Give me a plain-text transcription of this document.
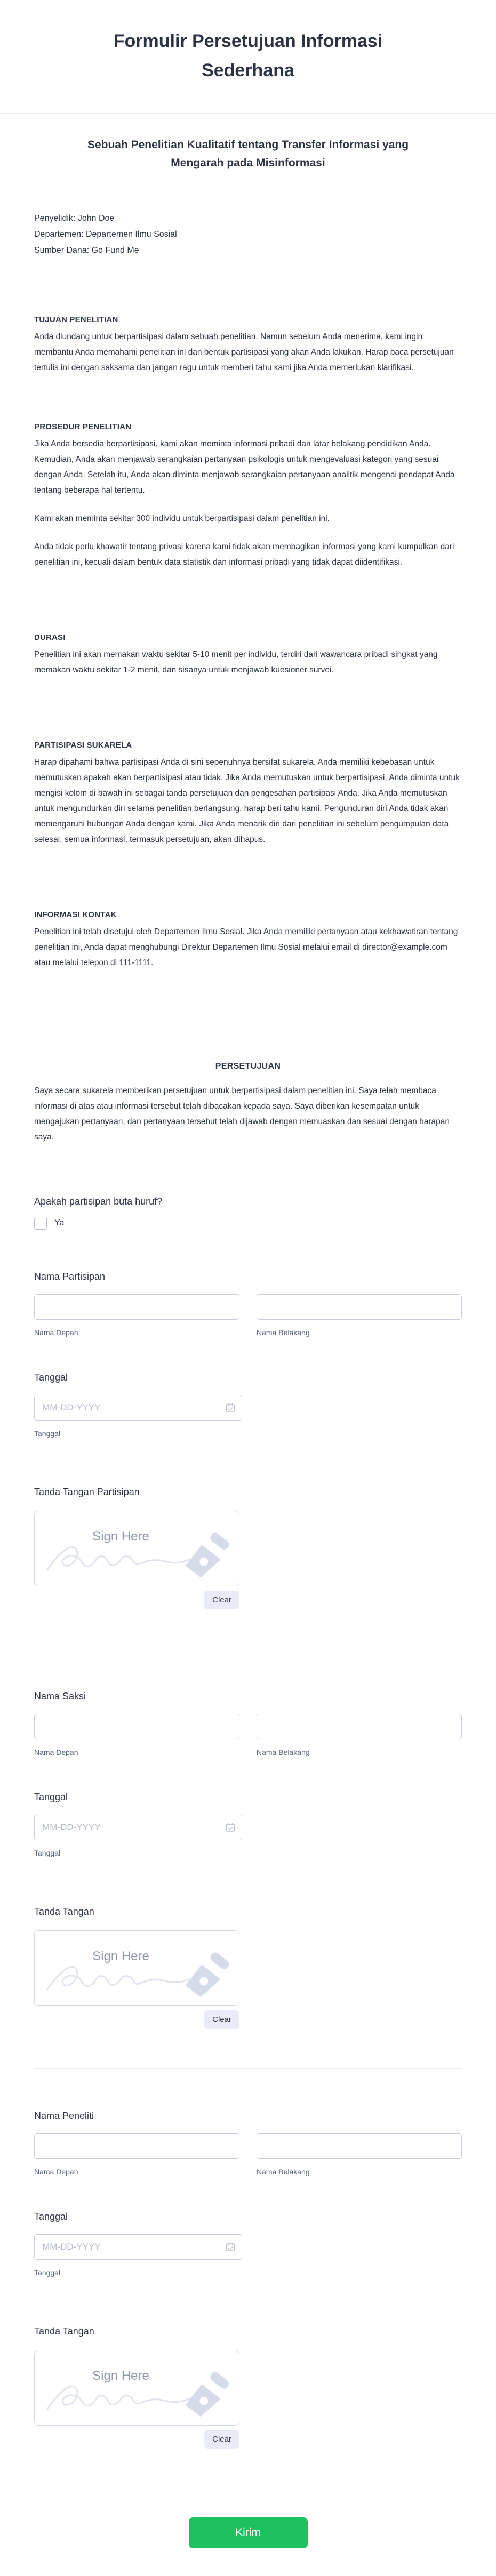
Formulir Persetujuan Informasi Sederhana
Sebuah Penelitian Kualitatif tentang Transfer Informasi yang Mengarah pada Misinformasi
Penyelidik: John Doe
Departemen: Departemen Ilmu Sosial
Sumber Dana: Go Fund Me
TUJUAN PENELITIAN

Anda diundang untuk berpartisipasi dalam sebuah penelitian. Namun sebelum Anda menerima, kami ingin membantu Anda memahami penelitian ini dan bentuk partisipasi yang akan Anda lakukan. Harap baca persetujuan tertulis ini dengan saksama dan jangan ragu untuk memberi tahu kami jika Anda memerlukan klarifikasi.

PROSEDUR PENELITIAN

Jika Anda bersedia berpartisipasi, kami akan meminta informasi pribadi dan latar belakang pendidikan Anda. Kemudian, Anda akan menjawab serangkaian pertanyaan psikologis untuk mengevaluasi kategori yang sesuai dengan Anda. Setelah itu, Anda akan diminta menjawab serangkaian pertanyaan analitik mengenai pendapat Anda tentang beberapa hal tertentu.

Kami akan meminta sekitar 300 individu untuk berpartisipasi dalam penelitian ini.

Anda tidak perlu khawatir tentang privasi karena kami tidak akan membagikan informasi yang kami kumpulkan dari penelitian ini, kecuali dalam bentuk data statistik dan informasi pribadi yang tidak dapat diidentifikasi.

DURASI

Penelitian ini akan memakan waktu sekitar 5-10 menit per individu, terdiri dari wawancara pribadi singkat yang memakan waktu sekitar 1-2 menit, dan sisanya untuk menjawab kuesioner survei.

PARTISIPASI SUKARELA

Harap dipahami bahwa partisipasi Anda di sini sepenuhnya bersifat sukarela. Anda memiliki kebebasan untuk memutuskan apakah akan berpartisipasi atau tidak. Jika Anda memutuskan untuk berpartisipasi, Anda diminta untuk mengisi kolom di bawah ini sebagai tanda persetujuan dan pengesahan partisipasi Anda. Jika Anda memutuskan untuk mengundurkan diri selama penelitian berlangsung, harap beri tahu kami. Pengunduran diri Anda tidak akan memengaruhi hubungan Anda dengan kami. Jika Anda menarik diri dari penelitian ini sebelum pengumpulan data selesai, semua informasi, termasuk persetujuan, akan dihapus.

INFORMASI KONTAK

Penelitian ini telah disetujui oleh Departemen Ilmu Sosial. Jika Anda memiliki pertanyaan atau kekhawatiran tentang penelitian ini, Anda dapat menghubungi Direktur Departemen Ilmu Sosial melalui email di director@example.com atau melalui telepon di 111-1111.

PERSETUJUAN

Saya secara sukarela memberikan persetujuan untuk berpartisipasi dalam penelitian ini. Saya telah membaca informasi di atas atau informasi tersebut telah dibacakan kepada saya. Saya diberikan kesempatan untuk mengajukan pertanyaan, dan pertanyaan tersebut telah dijawab dengan memuaskan dan sesuai dengan harapan saya.

Apakah partisipan buta huruf?
Ya
Nama Partisipan
Nama Depan	Nama Belakang
Tanggal
MM-DD-YYYY
Tanggal
Tanda Tangan Partisipan
Sign Here
Clear
Nama Saksi
Nama Depan	Nama Belakang
Tanggal
MM-DD-YYYY
Tanggal
Tanda Tangan
Sign Here
Clear
Nama Peneliti
Nama Depan	Nama Belakang
Tanggal
MM-DD-YYYY
Tanggal
Tanda Tangan
Sign Here
Clear
Kirim
